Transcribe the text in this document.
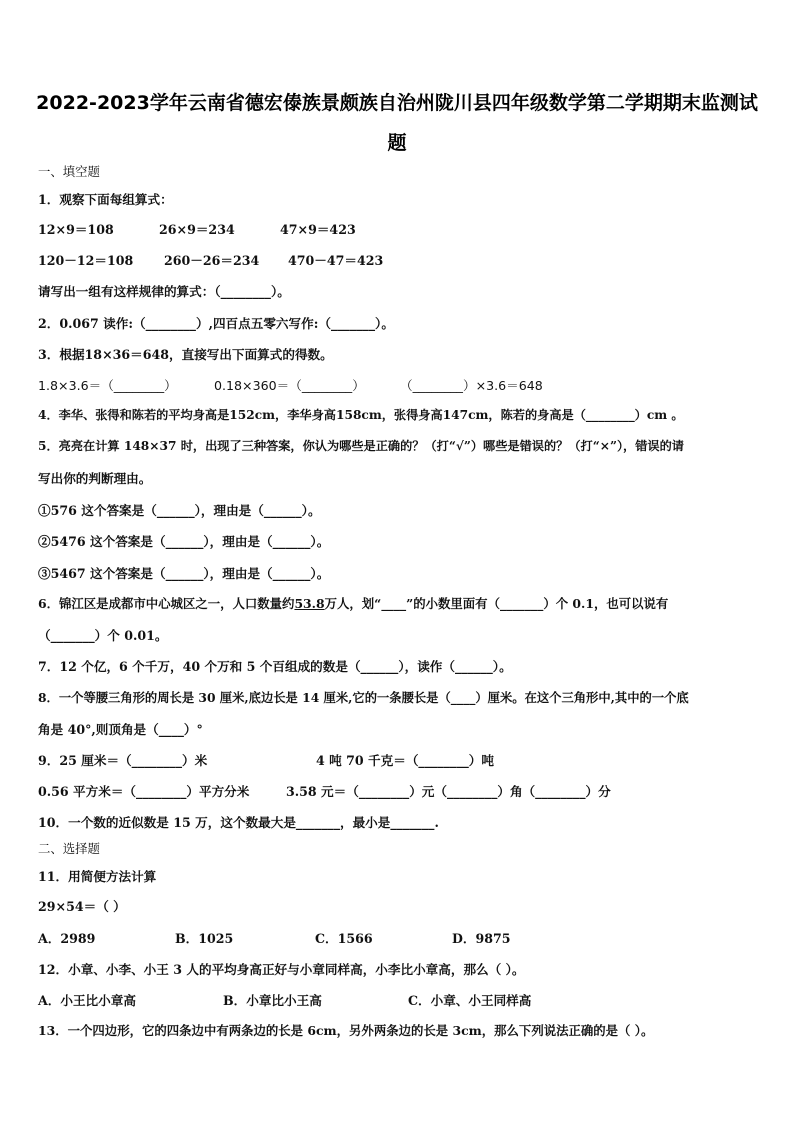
2022-2023学年云南省德宏傣族景颇族自治州陇川县四年级数学第二学期期末监测试
题
一、填空题
1．观察下面每组算式：
12×9＝108	26×9＝234	47×9＝423
120－12＝108 260－26＝234 470－47＝423
请写出一组有这样规律的算式：（________）。
2．0.067 读作:（________）,四百点五零六写作:（_______）。
3．根据18×36＝648，直接写出下面算式的得数。
1.8×3.6＝（________）	0.18×360＝（________）	（________）×3.6＝648
4．李华、张得和陈若的平均身高是152cm，李华身高158cm，张得身高147cm，陈若的身高是（________）cm 。
5．亮亮在计算 148×37 时，出现了三种答案，你认为哪些是正确的？（打“√”）哪些是错误的？（打“×”），错误的请
写出你的判断理由。
①576 这个答案是（______），理由是（______）。
②5476 这个答案是（______），理由是（______）。
③5467 这个答案是（______），理由是（______）。
6．锦江区是成都市中心城区之一，人口数量约53.8万人，划“____”的小数里面有（_______）个 0.1，也可以说有
（_______）个 0.01。
7．12 个亿，6 个千万，40 个万和 5 个百组成的数是（______），读作（______）。
8．一个等腰三角形的周长是 30 厘米,底边长是 14 厘米,它的一条腰长是（____）厘米。在这个三角形中,其中的一个底
角是 40°,则顶角是（____）°
9．25 厘米＝（________）米	4 吨 70 千克＝（________）吨
0.56 平方米＝（________）平方分米	3.58 元＝（________）元（________）角（________）分
10．一个数的近似数是 15 万，这个数最大是_______，最小是_______.
二、选择题
11．用简便方法计算
29×54＝（ ）
A．2989	B．1025	C．1566	D．9875
12．小章、小李、小王 3 人的平均身高正好与小章同样高，小李比小章高，那么（ ）。
A．小王比小章高	B．小章比小王高	C．小章、小王同样高
13．一个四边形，它的四条边中有两条边的长是 6cm，另外两条边的长是 3cm，那么下列说法正确的是（ ）。
